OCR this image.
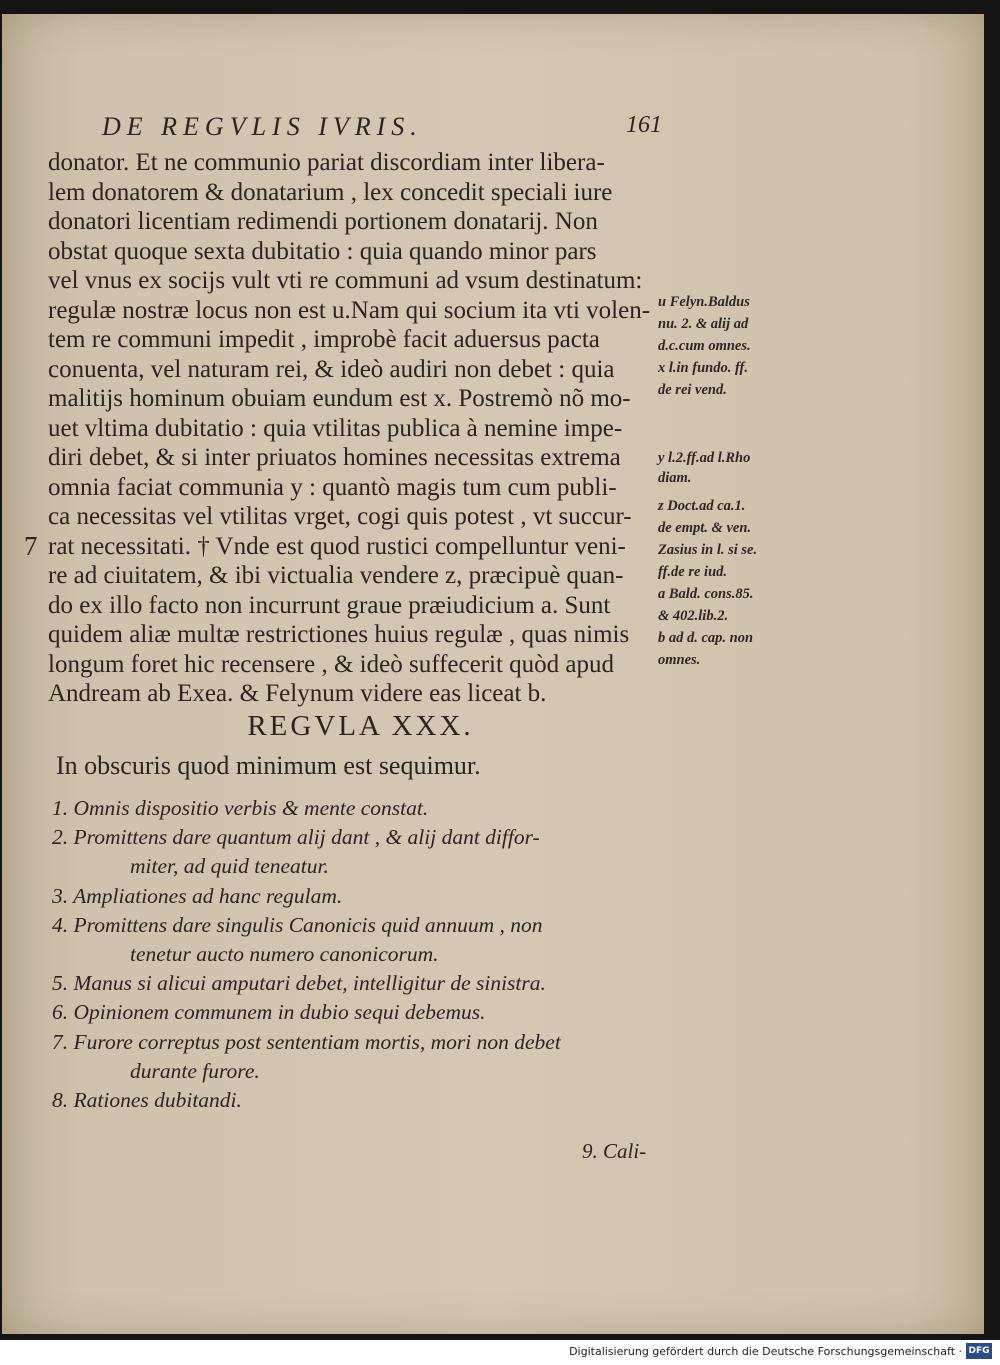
DE REGVLIS IVRIS.	161
donator. Et ne communio pariat discordiam inter libera-
lem donatorem & donatarium , lex concedit speciali iure
donatori licentiam redimendi portionem donatarij. Non
obstat quoque sexta dubitatio : quia quando minor pars
vel vnus ex socijs vult vti re communi ad vsum destinatum:
regulæ nostræ locus non est u.Nam qui socium ita vti volen-
tem re communi impedit , improbè facit aduersus pacta
conuenta, vel naturam rei, & ideò audiri non debet : quia
malitijs hominum obuiam eundum est x. Postremò nõ mo-
uet vltima dubitatio : quia vtilitas publica à nemine impe-
diri debet, & si inter priuatos homines necessitas extrema
omnia faciat communia y : quantò magis tum cum publi-
ca necessitas vel vtilitas vrget, cogi quis potest , vt succur-
7 rat necessitati. † Vnde est quod rustici compelluntur veni-
re ad ciuitatem, & ibi victualia vendere z, præcipuè quan-
do ex illo facto non incurrunt graue præiudicium a. Sunt
quidem aliæ multæ restrictiones huius regulæ , quas nimis
longum foret hic recensere , & ideò suffecerit quòd apud
Andream ab Exea. & Felynum videre eas liceat b.
u Felyn.Baldus
nu. 2. & alij ad
d.c.cum omnes.
x l.in fundo. ff.
de rei vend.
y l.2.ff.ad l.Rho
diam.
z Doct.ad ca.1.
de empt. & ven.
Zasius in l. si se.
ff.de re iud.
a Bald. cons.85.
& 402.lib.2.
b ad d. cap. non
omnes.
REGVLA XXX.
In obscuris quod minimum est sequimur.
1. Omnis dispositio verbis & mente constat.
2. Promittens dare quantum alij dant , & alij dant diffor-
miter, ad quid teneatur.
3. Ampliationes ad hanc regulam.
4. Promittens dare singulis Canonicis quid annuum , non
tenetur aucto numero canonicorum.
5. Manus si alicui amputari debet, intelligitur de sinistra.
6. Opinionem communem in dubio sequi debemus.
7. Furore correptus post sententiam mortis, mori non debet
durante furore.
8. Rationes dubitandi.
9. Cali-
Digitalisierung gefördert durch die Deutsche Forschungsgemeinschaft · DFG
